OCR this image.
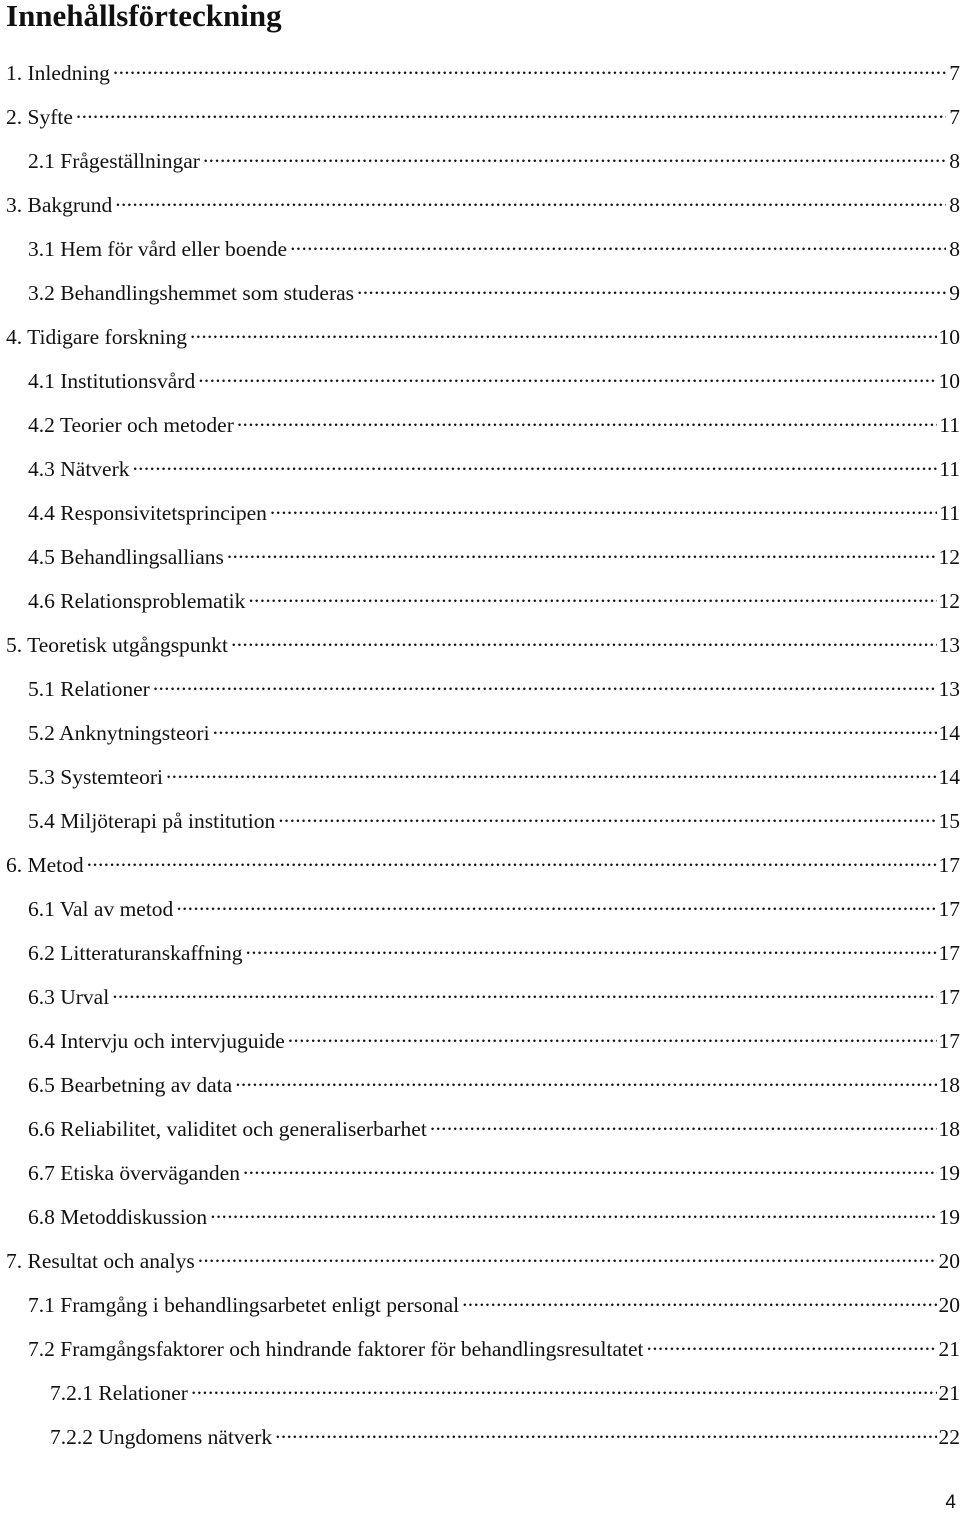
Innehållsförteckning
1. Inledning .....	7
2. Syfte .....	7
2.1 Frågeställningar .....	8
3. Bakgrund .....	8
3.1 Hem för vård eller boende .....	8
3.2 Behandlingshemmet som studeras .....	9
4. Tidigare forskning .....	10
4.1 Institutionsvård .....	10
4.2 Teorier och metoder .....	11
4.3 Nätverk .....	11
4.4 Responsivitetsprincipen .....	11
4.5 Behandlingsallians .....	12
4.6 Relationsproblematik .....	12
5. Teoretisk utgångspunkt .....	13
5.1 Relationer .....	13
5.2 Anknytningsteori .....	14
5.3 Systemteori .....	14
5.4 Miljöterapi på institution .....	15
6. Metod .....	17
6.1 Val av metod .....	17
6.2 Litteraturanskaffning .....	17
6.3 Urval .....	17
6.4 Intervju och intervjuguide .....	17
6.5 Bearbetning av data .....	18
6.6 Reliabilitet, validitet och generaliserbarhet .....	18
6.7 Etiska överväganden .....	19
6.8 Metoddiskussion .....	19
7. Resultat och analys .....	20
7.1 Framgång i behandlingsarbetet enligt personal .....	20
7.2 Framgångsfaktorer och hindrande faktorer för behandlingsresultatet .....	21
7.2.1 Relationer .....	21
7.2.2 Ungdomens nätverk .....	22
4
